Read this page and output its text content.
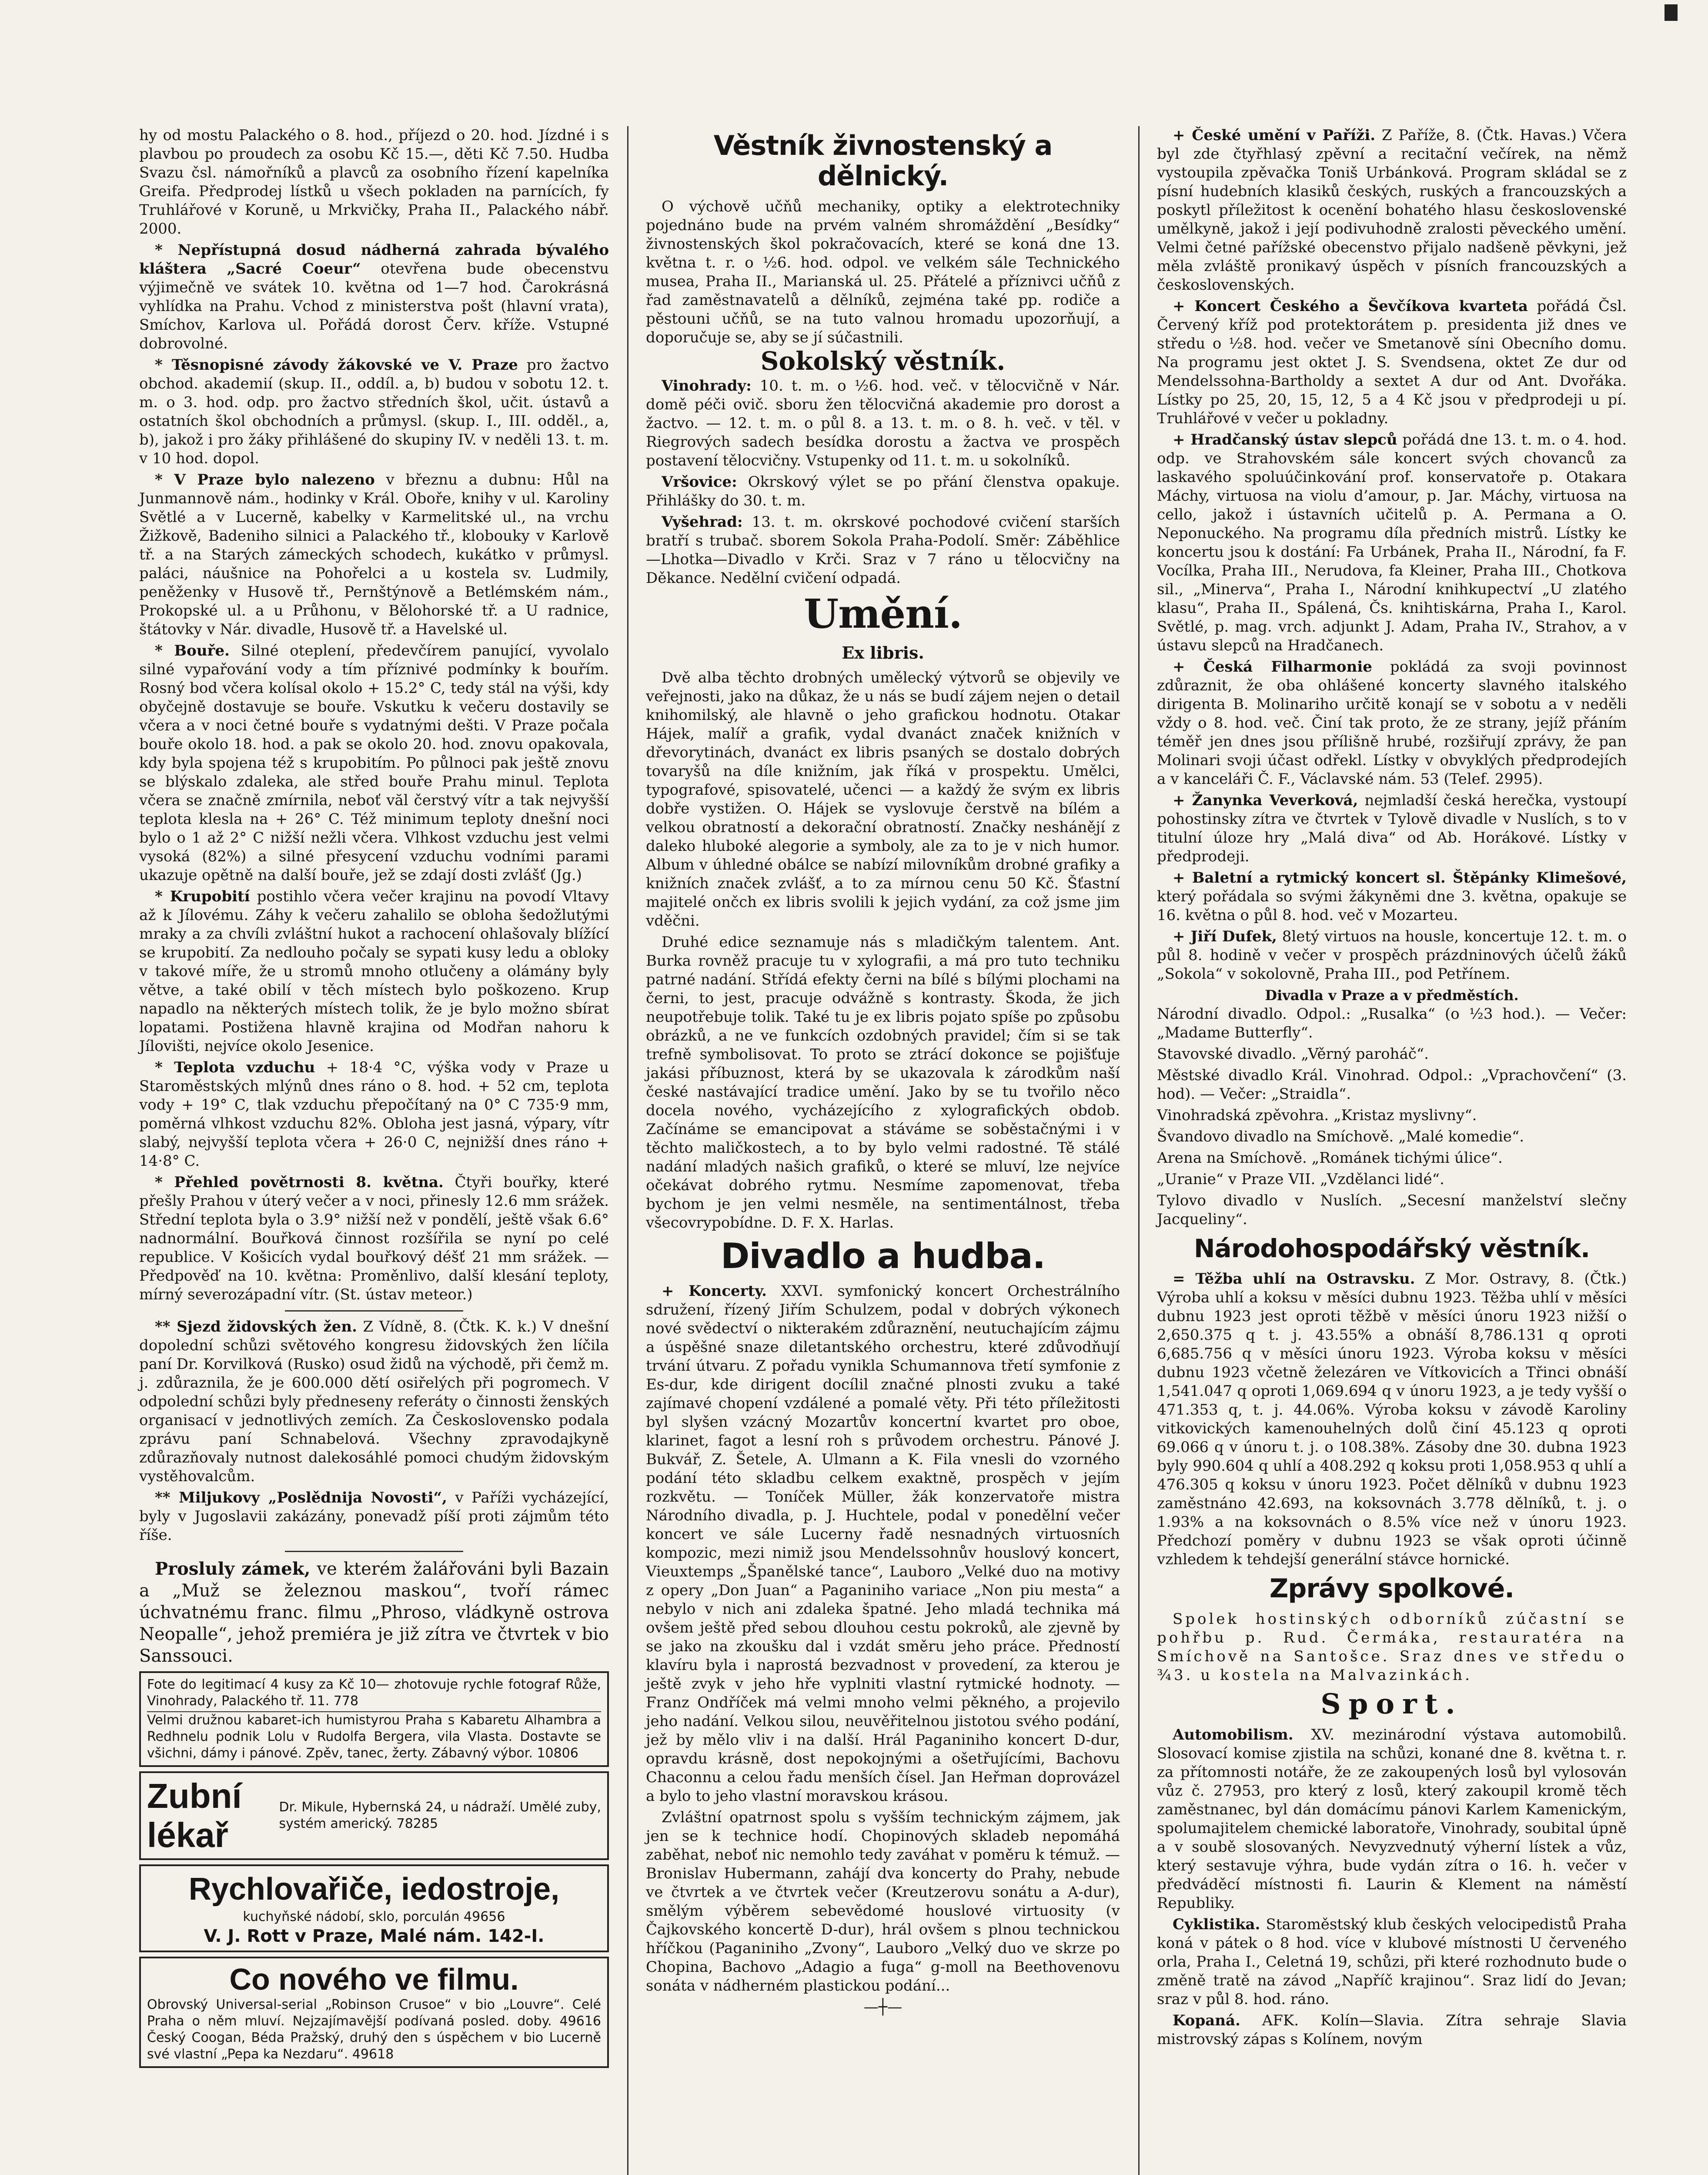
hy od mostu Palackého o 8. hod., příjezd o 20. hod. Jízdné i s plavbou po proudech za osobu Kč 15.—, děti Kč 7.50. Hudba Svazu čsl. námořníků a plavců za osobního řízení kapelníka Greifa. Předprodej lístků u všech pokladen na parnících, fy Truhlářové v Koruně, u Mrkvičky, Praha II., Palackého nábř. 2000.

* Nepřístupná dosud nádherná zahrada bývalého kláštera „Sacré Coeur“ otevřena bude obecenstvu výjimečně ve svátek 10. května od 1—7 hod. Čarokrásná vyhlídka na Prahu. Vchod z ministerstva pošt (hlavní vrata), Smíchov, Karlova ul. Pořádá dorost Červ. kříže. Vstupné dobrovolné.

* Těsnopisné závody žákovské ve V. Praze pro žactvo obchod. akademií (skup. II., oddíl. a, b) budou v sobotu 12. t. m. o 3. hod. odp. pro žactvo středních škol, učit. ústavů a ostatních škol obchodních a průmysl. (skup. I., III. odděl., a, b), jakož i pro žáky přihlášené do skupiny IV. v neděli 13. t. m. v 10 hod. dopol.

* V Praze bylo nalezeno v březnu a dubnu: Hůl na Junmannově nám., hodinky v Král. Oboře, knihy v ul. Karoliny Světlé a v Lucerně, kabelky v Karmelitské ul., na vrchu Žižkově, Badeniho silnici a Palackého tř., klobouky v Karlově tř. a na Starých zámeckých schodech, kukátko v průmysl. paláci, náušnice na Pohořelci a u kostela sv. Ludmily, peněženky v Husově tř., Pernštýnově a Betlémském nám., Prokopské ul. a u Průhonu, v Bělohorské tř. a U radnice, štátovky v Nár. divadle, Husově tř. a Havelské ul.

* Bouře. Silné oteplení, předevčírem panující, vyvolalo silné vypařování vody a tím příznivé podmínky k bouřím. Rosný bod včera kolísal okolo + 15.2° C, tedy stál na výši, kdy obyčejně dostavuje se bouře. Vskutku k večeru dostavily se včera a v noci četné bouře s vydatnými dešti. V Praze počala bouře okolo 18. hod. a pak se okolo 20. hod. znovu opakovala, kdy byla spojena též s krupobitím. Po půlnoci pak ještě znovu se blýskalo zdaleka, ale střed bouře Prahu minul. Teplota včera se značně zmírnila, neboť văl čerstvý vítr a tak nejvyšší teplota klesla na + 26° C. Též minimum teploty dnešní noci bylo o 1 až 2° C nižší nežli včera. Vlhkost vzduchu jest velmi vysoká (82%) a silné přesycení vzduchu vodními parami ukazuje opětně na další bouře, jež se zdají dosti zvlášť (Jg.)

* Krupobití postihlo včera večer krajinu na povodí Vltavy až k Jílovému. Záhy k večeru zahalilo se obloha šedožlutými mraky a za chvíli zvláštní hukot a rachocení ohlašovaly blížící se krupobití. Za nedlouho počaly se sypati kusy ledu a obloky v takové míře, že u stromů mnoho otlučeny a olámány byly větve, a také obilí v těch místech bylo poškozeno. Krup napadlo na některých místech tolik, že je bylo možno sbírat lopatami. Postižena hlavně krajina od Modřan nahoru k Jílovišti, nejvíce okolo Jesenice.

* Teplota vzduchu + 18·4 °C, výška vody v Praze u Staroměstských mlýnů dnes ráno o 8. hod. + 52 cm, teplota vody + 19° C, tlak vzduchu přepočítaný na 0° C 735·9 mm, poměrná vlhkost vzduchu 82%. Obloha jest jasná, výpary, vítr slabý, nejvyšší teplota včera + 26·0 C, nejnižší dnes ráno + 14·8° C.

* Přehled povětrnosti 8. května. Čtyři bouřky, které přešly Prahou v úterý večer a v noci, přinesly 12.6 mm srážek. Střední teplota byla o 3.9° nižší než v pondělí, ještě však 6.6° nadnormální. Bouřková činnost rozšířila se nyní po celé republice. V Košicích vydal bouřkový déšť 21 mm srážek. — Předpověď na 10. května: Proměnlivo, další klesání teploty, mírný severozápadní vítr. (St. ústav meteor.)

** Sjezd židovských žen. Z Vídně, 8. (Čtk. K. k.) V dnešní dopolední schůzi světového kongresu židovských žen líčila paní Dr. Korvilková (Rusko) osud židů na východě, při čemž m. j. zdůraznila, že je 600.000 dětí osiřelých při pogromech. V odpolední schůzi byly předneseny referáty o činnosti ženských organisací v jednotlivých zemích. Za Československo podala zprávu paní Schnabelová. Všechny zpravodajkyně zdůrazňovaly nutnost dalekosáhlé pomoci chudým židovským vystěhovalcům.

** Miljukovy „Poslědnija Novosti“, v Paříži vycházející, byly v Jugoslavii zakázány, ponevadž píší proti zájmům této říše.

Prosluly zámek, ve kterém žalářováni byli Bazain a „Muž se železnou maskou“, tvoří rámec úchvatnému franc. filmu „Phroso, vládkyně ostrova Neopalle“, jehož premiéra je již zítra ve čtvrtek v bio Sanssouci.

Fote do legitimací 4 kusy za Kč 10— zhotovuje rychle fotograf Růže, Vinohrady, Palackého tř. 11. 778
Velmi družnou kabaret-ich humistyrou Praha s Kabaretu Alhambra a Redhnelu podnik Lolu v Rudolfa Bergera, vila Vlasta. Dostavte se všichni, dámy i pánové. Zpěv, tanec, žerty. Zábavný výbor. 10806
Zubní lékař
Dr. Mikule, Hybernská 24, u nádraží. Umělé zuby, systém americký. 78285
Rychlovařiče, iedostroje,
kuchyňské nádobí, sklo, porculán 49656
V. J. Rott v Praze, Malé nám. 142-I.
Co nového ve filmu.
Obrovský Universal-serial „Robinson Crusoe“ v bio „Louvre“. Celé Praha o něm mluví. Nejzajímavější podívaná posled. doby. 49616 Český Coogan, Béda Pražský, druhý den s úspěchem v bio Lucerně své vlastní „Pepa ka Nezdaru“. 49618
Věstník živnostenský a dělnický.

O výchově učňů mechaniky, optiky a elektrotechniky pojednáno bude na prvém valném shromáždění „Besídky“ živnostenských škol pokračovacích, které se koná dne 13. května t. r. o ½6. hod. odpol. ve velkém sále Technického musea, Praha II., Marianská ul. 25. Přátelé a příznivci učňů z řad zaměstnavatelů a dělníků, zejména také pp. rodiče a pěstouni učňů, se na tuto valnou hromadu upozorňují, a doporučuje se, aby se jí súčastnili.

Sokolský věstník.

Vinohrady: 10. t. m. o ½6. hod. več. v tělocvičně v Nár. domě péči ovič. sboru žen tělocvičná akademie pro dorost a žactvo. — 12. t. m. o půl 8. a 13. t. m. o 8. h. več. v těl. v Riegrových sadech besídka dorostu a žactva ve prospěch postavení tělocvičny. Vstupenky od 11. t. m. u sokolníků.

Vršovice: Okrskový výlet se po přání členstva opakuje. Přihlášky do 30. t. m.

Vyšehrad: 13. t. m. okrskové pochodové cvičení starších bratří s trubač. sborem Sokola Praha-Podolí. Směr: Záběhlice—Lhotka—Divadlo v Krči. Sraz v 7 ráno u tělocvičny na Děkance. Nedělní cvičení odpadá.

Umění.
Ex libris.

Dvě alba těchto drobných umělecký výtvorů se objevily ve veřejnosti, jako na důkaz, že u nás se budí zájem nejen o detail knihomilský, ale hlavně o jeho grafickou hodnotu. Otakar Hájek, malíř a grafik, vydal dvanáct značek knižních v dřevorytinách, dvanáct ex libris psaných se dostalo dobrých tovaryšů na díle knižním, jak říká v prospektu. Umělci, typografové, spisovatelé, učenci — a každý že svým ex libris dobře vystižen. O. Hájek se vyslovuje čerstvě na bílém a velkou obratností a dekorační obratností. Značky neshánějí z daleko hluboké alegorie a symboly, ale za to je v nich humor. Album v úhledné obálce se nabízí milovníkům drobné grafiky a knižních značek zvlášť, a to za mírnou cenu 50 Kč. Šťastní majitelé ončch ex libris svolili k jejich vydání, za což jsme jim vděčni.

Druhé edice seznamuje nás s mladičkým talentem. Ant. Burka rovněž pracuje tu v xylografii, a má pro tuto techniku patrné nadání. Střídá efekty černi na bílé s bílými plochami na černi, to jest, pracuje odvážně s kontrasty. Škoda, že jich neupotřebuje tolik. Také tu je ex libris pojato spíše po způsobu obrázků, a ne ve funkcích ozdobných pravidel; čím si se tak trefně symbolisovat. To proto se ztrácí dokonce se pojišťuje jakási příbuznost, která by se ukazovala k zárodkům naší české nastávající tradice umění. Jako by se tu tvořilo něco docela nového, vycházejícího z xylografických obdob. Začínáme se emancipovat a stáváme se soběstačnými i v těchto maličkostech, a to by bylo velmi radostné. Tě stálé nadání mladých našich grafiků, o které se mluví, lze nejvíce očekávat dobrého rytmu. Nesmíme zapomenovat, třeba bychom je jen velmi nesměle, na sentimentálnost, třeba všecovrypobídne. D. F. X. Harlas.

Divadlo a hudba.

+ Koncerty. XXVI. symfonický koncert Orchestrálního sdružení, řízený Jiřím Schulzem, podal v dobrých výkonech nové svědectví o nikterakém zdůraznění, neutuchajícím zájmu a úspěšné snaze diletantského orchestru, které zdůvodňují trvání útvaru. Z pořadu vynikla Schumannova třetí symfonie z Es-dur, kde dirigent docílil značné plnosti zvuku a také zajímavé chopení vzdálené a pomalé věty. Při této příležitosti byl slyšen vzácný Mozartův koncertní kvartet pro oboe, klarinet, fagot a lesní roh s průvodem orchestru. Pánové J. Bukvář, Z. Šetele, A. Ulmann a K. Fila vnesli do vzorného podání této skladbu celkem exaktně, prospěch v jejím rozkvětu. — Toníček Müller, žák konzervatoře mistra Národního divadla, p. J. Huchtele, podal v ponedělní večer koncert ve sále Lucerny řadě nesnadných virtuosních kompozic, mezi nimiž jsou Mendelssohnův houslový koncert, Vieuxtemps „Španělské tance“, Lauboro „Velké duo na motivy z opery „Don Juan“ a Paganiniho variace „Non piu mesta“ a nebylo v nich ani zdaleka špatné. Jeho mladá technika má ovšem ještě před sebou dlouhou cestu pokroků, ale zjevně by se jako na zkoušku dal i vzdát směru jeho práce. Předností klavíru byla i naprostá bezvadnost v provedení, za kterou je ještě zvyk v jeho hře vyplniti vlastní rytmické hodnoty. — Franz Ondříček má velmi mnoho velmi pěkného, a projevilo jeho nadání. Velkou silou, neuvěřitelnou jistotou svého podání, jež by mělo vliv i na další. Hrál Paganiniho koncert D-dur, opravdu krásně, dost nepokojnými a ošetřujícími, Bachovu Chaconnu a celou řadu menších čísel. Jan Heřman doprovázel a bylo to jeho vlastní moravskou krásou.

Zvláštní opatrnost spolu s vyšším technickým zájmem, jak jen se k technice hodí. Chopinových skladeb nepomáhá zaběhat, neboť nic nemohlo tedy zaváhat v poměru k témuž. — Bronislav Hubermann, zahájí dva koncerty do Prahy, nebude ve čtvrtek a ve čtvrtek večer (Kreutzerovu sonátu a A-dur), smělým výběrem sebevědomé houslové virtuosity (v Čajkovského koncertě D-dur), hrál ovšem s plnou technickou hříčkou (Paganiniho „Zvony“, Lauboro „Velký duo ve skrze po Chopina, Bachovo „Adagio a fuga“ g-moll na Beethovenovu sonáta v nádherném plastickou podání...

—┼—

+ České umění v Paříži. Z Paříže, 8. (Čtk. Havas.) Včera byl zde čtyřhlasý zpěvní a recitační večírek, na němž vystoupila zpěvačka Toniš Urbánková. Program skládal se z písní hudebních klasiků českých, ruských a francouzských a poskytl příležitost k ocenění bohatého hlasu československé umělkyně, jakož i její podivuhodně zralosti pěveckého umění. Velmi četné pařížské obecenstvo přijalo nadšeně pěvkyni, jež měla zvláště pronikavý úspěch v písních francouzských a československých.

+ Koncert Českého a Ševčíkova kvarteta pořádá Čsl. Červený kříž pod protektorátem p. presidenta již dnes ve středu o ½8. hod. večer ve Smetanově síni Obecního domu. Na programu jest oktet J. S. Svendsena, oktet Ze dur od Mendelssohna-Bartholdy a sextet A dur od Ant. Dvořáka. Lístky po 25, 20, 15, 12, 5 a 4 Kč jsou v předprodeji u pí. Truhlářové v večer u pokladny.

+ Hradčanský ústav slepců pořádá dne 13. t. m. o 4. hod. odp. ve Strahovském sále koncert svých chovanců za laskavého spoluúčinkování prof. konservatoře p. Otakara Máchy, virtuosa na violu d’amour, p. Jar. Máchy, virtuosa na cello, jakož i ústavních učitelů p. A. Permana a O. Neponuckého. Na programu díla předních mistrů. Lístky ke koncertu jsou k dostání: Fa Urbánek, Praha II., Národní, fa F. Vocílka, Praha III., Nerudova, fa Kleiner, Praha III., Chotkova sil., „Minerva“, Praha I., Národní knihkupectví „U zlatého klasu“, Praha II., Spálená, Čs. knihtiskárna, Praha I., Karol. Světlé, p. mag. vrch. adjunkt J. Adam, Praha IV., Strahov, a v ústavu slepců na Hradčanech.

+ Česká Filharmonie pokládá za svoji povinnost zdůraznit, že oba ohlášené koncerty slavného italského dirigenta B. Molinariho určitě konají se v sobotu a v neděli vždy o 8. hod. več. Činí tak proto, že ze strany, jejíž přáním téměř jen dnes jsou přílišně hrubé, rozšiřují zprávy, že pan Molinari svoji účast odřekl. Lístky v obvyklých předprodejích a v kanceláři Č. F., Václavské nám. 53 (Telef. 2995).

+ Žanynka Veverková, nejmladší česká herečka, vystoupí pohostinsky zítra ve čtvrtek v Tylově divadle v Nuslích, s to v titulní úloze hry „Malá diva“ od Ab. Horákové. Lístky v předprodeji.

+ Baletní a rytmický koncert sl. Štěpánky Klimešové, který pořádala so svými žákyněmi dne 3. května, opakuje se 16. května o půl 8. hod. več v Mozarteu.

+ Jiří Dufek, 8letý virtuos na housle, koncertuje 12. t. m. o půl 8. hodině v večer v prospěch prázdninových účelů žáků „Sokola“ v sokolovně, Praha III., pod Petřínem.

Divadla v Praze a v předměstích.

Národní divadlo. Odpol.: „Rusalka“ (o ½3 hod.). — Večer: „Madame Butterfly“.

Stavovské divadlo. „Věrný paroháč“.

Městské divadlo Král. Vinohrad. Odpol.: „Vprachovčení“ (3. hod). — Večer: „Straidla“.

Vinohradská zpěvohra. „Kristaz myslivny“.

Švandovo divadlo na Smíchově. „Malé komedie“.

Arena na Smíchově. „Románek tichými úlice“.

„Uranie“ v Praze VII. „Vzdělanci lidé“.

Tylovo divadlo v Nuslích. „Secesní manželství slečny Jacqueliny“.

Národohospodářský věstník.

= Těžba uhlí na Ostravsku. Z Mor. Ostravy, 8. (Čtk.) Výroba uhlí a koksu v měsíci dubnu 1923. Těžba uhlí v měsíci dubnu 1923 jest oproti těžbě v měsíci únoru 1923 nižší o 2,650.375 q t. j. 43.55% a obnáší 8,786.131 q oproti 6,685.756 q v měsíci únoru 1923. Výroba koksu v měsíci dubnu 1923 včetně železáren ve Vítkovicích a Třinci obnáší 1,541.047 q oproti 1,069.694 q v únoru 1923, a je tedy vyšší o 471.353 q, t. j. 44.06%. Výroba koksu v závodě Karoliny vitkovických kamenouhelných dolů činí 45.123 q oproti 69.066 q v únoru t. j. o 108.38%. Zásoby dne 30. dubna 1923 byly 990.604 q uhlí a 408.292 q koksu proti 1,058.953 q uhlí a 476.305 q koksu v únoru 1923. Počet dělníků v dubnu 1923 zaměstnáno 42.693, na koksovnách 3.778 dělníků, t. j. o 1.93% a na koksovnách o 8.5% více než v únoru 1923. Předchozí poměry v dubnu 1923 se však oproti účinně vzhledem k tehdejší generální stávce hornické.

Zprávy spolkové.

Spolek hostinských odborníků zúčastní se pohřbu p. Rud. Čermáka, restauratéra na Smíchově na Santošce. Sraz dnes ve středu o ¾3. u kostela na Malvazinkách.

Sport.

Automobilism. XV. mezinárodní výstava automobilů. Slosovací komise zjistila na schůzi, konané dne 8. května t. r. za přítomnosti notáře, že ze zakoupených losů byl vylosován vůz č. 27953, pro který z losů, který zakoupil kromě těch zaměstnanec, byl dán domácímu pánovi Karlem Kamenickým, spolumajitelem chemické laboratoře, Vinohrady, soubital úpně a v soubě slosovaných. Nevyzvednutý výherní lístek a vůz, který sestavuje výhra, bude vydán zítra o 16. h. večer v předváděcí místnosti fi. Laurin & Klement na náměstí Republiky.

Cyklistika. Staroměstský klub českých velocipedistů Praha koná v pátek o 8 hod. více v klubové místnosti U červeného orla, Praha I., Celetná 19, schůzi, při které rozhodnuto bude o změně tratě na závod „Napříč krajinou“. Sraz lidí do Jevan; sraz v půl 8. hod. ráno.

Kopaná. AFK. Kolín—Slavia. Zítra sehraje Slavia mistrovský zápas s Kolínem, novým
